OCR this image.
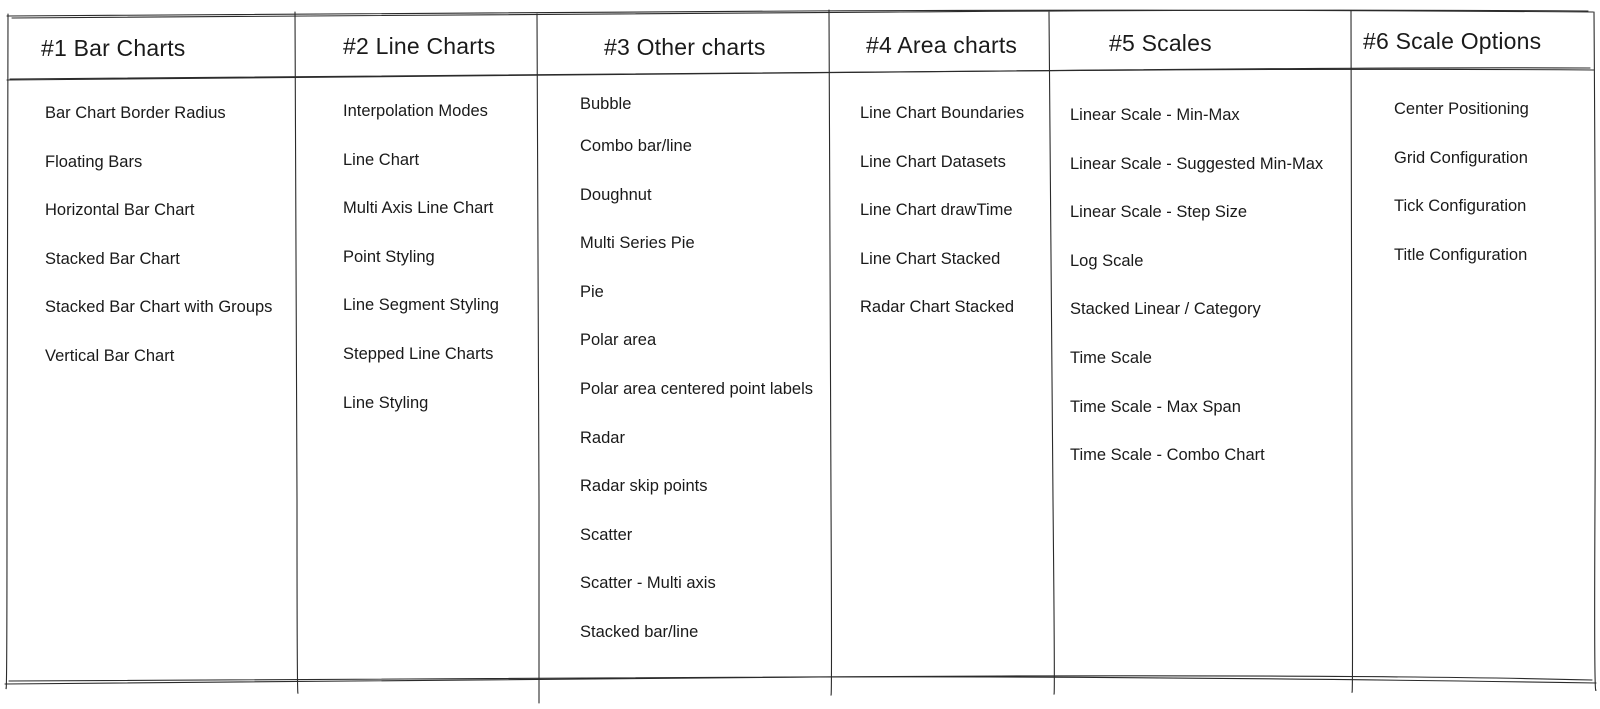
#1 Bar Charts
Bar Chart Border Radius
Floating Bars
Horizontal Bar Chart
Stacked Bar Chart
Stacked Bar Chart with Groups
Vertical Bar Chart
#2 Line Charts
Interpolation Modes
Line Chart
Multi Axis Line Chart
Point Styling
Line Segment Styling
Stepped Line Charts
Line Styling
#3 Other charts
Bubble
Combo bar/line
Doughnut
Multi Series Pie
Pie
Polar area
Polar area centered point labels
Radar
Radar skip points
Scatter
Scatter - Multi axis
Stacked bar/line
#4 Area charts
Line Chart Boundaries
Line Chart Datasets
Line Chart drawTime
Line Chart Stacked
Radar Chart Stacked
#5 Scales
Linear Scale - Min-Max
Linear Scale - Suggested Min-Max
Linear Scale - Step Size
Log Scale
Stacked Linear / Category
Time Scale
Time Scale - Max Span
Time Scale - Combo Chart
#6 Scale Options
Center Positioning
Grid Configuration
Tick Configuration
Title Configuration
